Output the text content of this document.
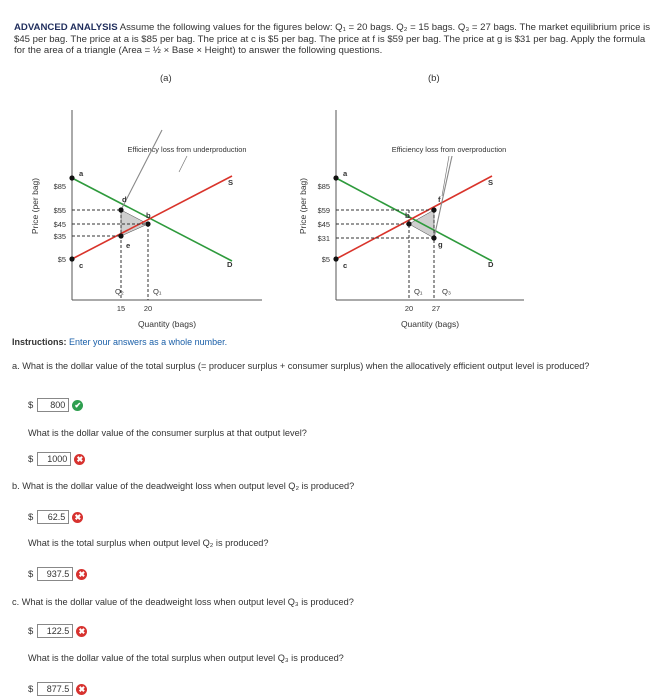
ADVANCED ANALYSIS Assume the following values for the figures below: Q₁ = 20 bags. Q₂ = 15 bags. Q₃ = 27 bags. The market equilibrium price is $45 per bag. The price at a is $85 per bag. The price at c is $5 per bag. The price at f is $59 per bag. The price at g is $31 per bag. Apply the formula for the area of a triangle (Area = ½ × Base × Height) to answer the following questions.
(a)	(b)
Price (per bag)
Quantity (bags)
Efficiency loss from underproduction
$85
$55
$45
$35
$5
15	20
Q₂	Q₁
a
b
c
d
e
S
D
Price (per bag)
Quantity (bags)
Efficiency loss from overproduction
$85
$59
$45
$31
$5
20	27
Q₁	Q₃
a
b
c
f
g
S
D
Instructions: Enter your answers as a whole number.
a. What is the dollar value of the total surplus (= producer surplus + consumer surplus) when the allocatively efficient output level is produced?
$	800	✔
What is the dollar value of the consumer surplus at that output level?
$	1000	✖
b. What is the dollar value of the deadweight loss when output level Q₂ is produced?
$	62.5	✖
What is the total surplus when output level Q₂ is produced?
$	937.5	✖
c. What is the dollar value of the deadweight loss when output level Q₃ is produced?
$	122.5	✖
What is the dollar value of the total surplus when output level Q₃ is produced?
$	877.5	✖
